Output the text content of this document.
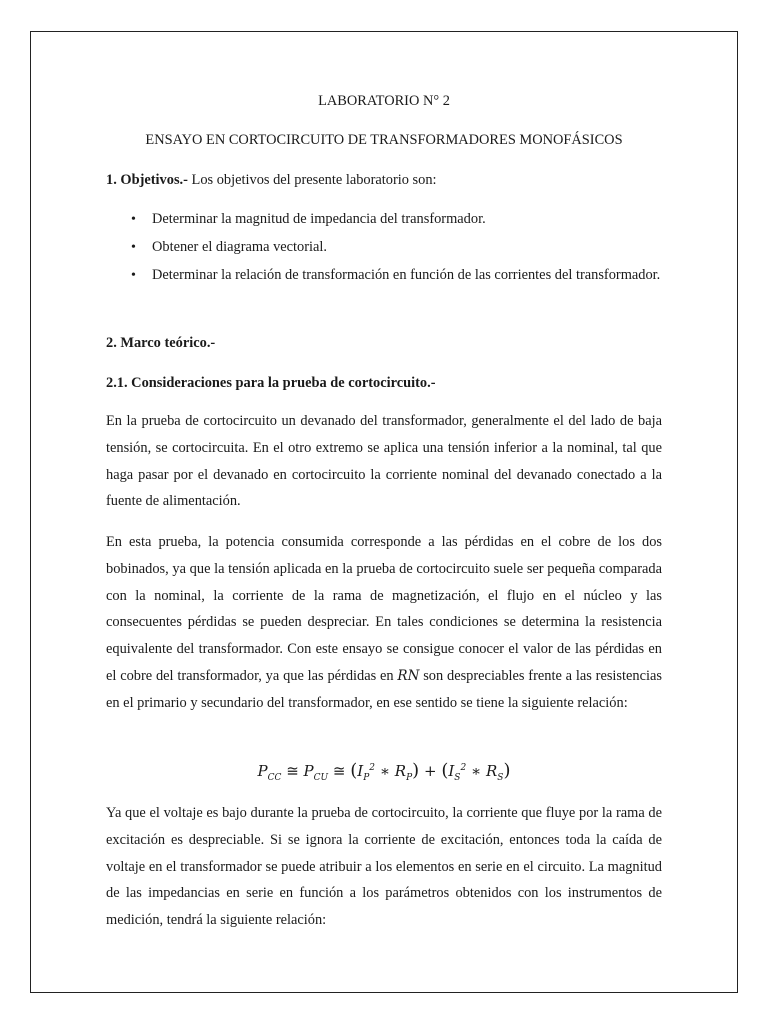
LABORATORIO N° 2
ENSAYO EN CORTOCIRCUITO DE TRANSFORMADORES MONOFÁSICOS
1. Objetivos.- Los objetivos del presente laboratorio son:
• Determinar la magnitud de impedancia del transformador.
• Obtener el diagrama vectorial.
• Determinar la relación de transformación en función de las corrientes del transformador.
2. Marco teórico.-
2.1. Consideraciones para la prueba de cortocircuito.-
En la prueba de cortocircuito un devanado del transformador, generalmente el del lado de baja tensión, se cortocircuita. En el otro extremo se aplica una tensión inferior a la nominal, tal que haga pasar por el devanado en cortocircuito la corriente nominal del devanado conectado a la fuente de alimentación.
En esta prueba, la potencia consumida corresponde a las pérdidas en el cobre de los dos bobinados, ya que la tensión aplicada en la prueba de cortocircuito suele ser pequeña comparada con la nominal, la corriente de la rama de magnetización, el flujo en el núcleo y las consecuentes pérdidas se pueden despreciar. En tales condiciones se determina la resistencia equivalente del transformador. Con este ensayo se consigue conocer el valor de las pérdidas en el cobre del transformador, ya que las pérdidas en RN son despreciables frente a las resistencias en el primario y secundario del transformador, en ese sentido se tiene la siguiente relación:
$P_{CC}$ ≅ $P_{CU}$ ≅ ($I_P^2$ ∗ $R_P) + (I_S^2$ ∗ $R_S$)
Ya que el voltaje es bajo durante la prueba de cortocircuito, la corriente que fluye por la rama de excitación es despreciable. Si se ignora la corriente de excitación, entonces toda la caída de voltaje en el transformador se puede atribuir a los elementos en serie en el circuito. La magnitud de las impedancias en serie en función a los parámetros obtenidos con los instrumentos de medición, tendrá la siguiente relación:
